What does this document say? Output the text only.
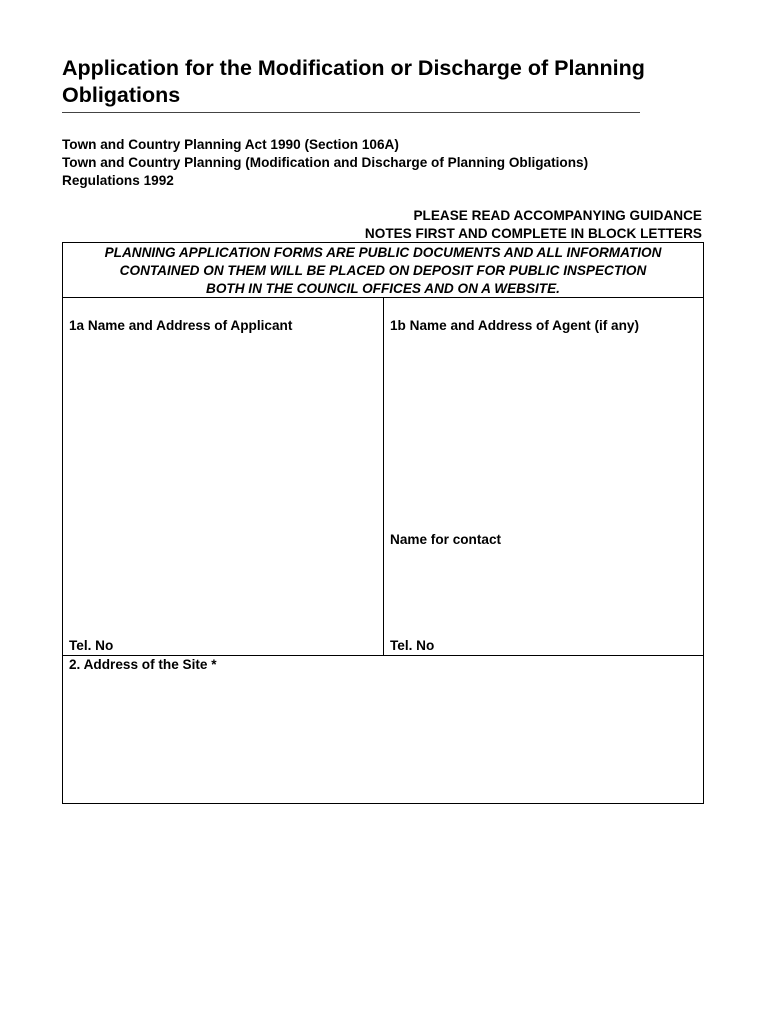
Application for the Modification or Discharge of Planning Obligations
Town and Country Planning Act 1990 (Section 106A)
Town and Country Planning (Modification and Discharge of Planning Obligations)
Regulations 1992
PLEASE READ ACCOMPANYING GUIDANCE
NOTES FIRST AND COMPLETE IN BLOCK LETTERS
PLANNING APPLICATION FORMS ARE PUBLIC DOCUMENTS AND ALL INFORMATION
CONTAINED ON THEM WILL BE PLACED ON DEPOSIT FOR PUBLIC INSPECTION
BOTH IN THE COUNCIL OFFICES AND ON A WEBSITE.
1a Name and Address of Applicant	1b Name and Address of Agent (if any)
Name for contact
Tel. No	Tel. No
2. Address of the Site *
